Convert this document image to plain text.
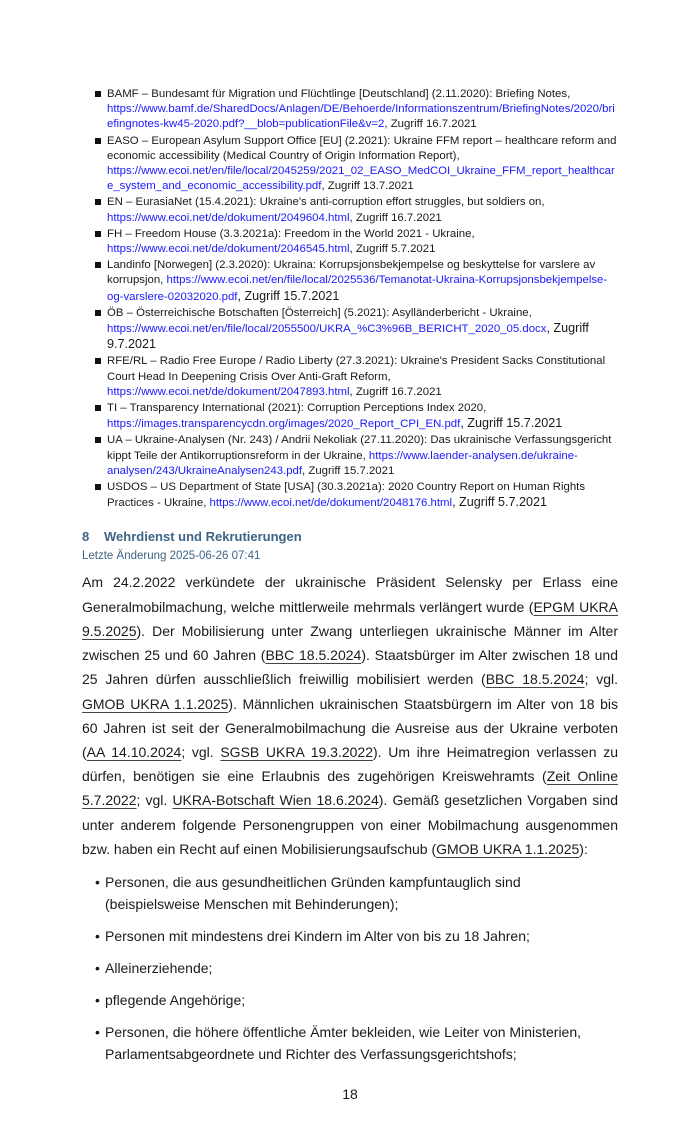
BAMF – Bundesamt für Migration und Flüchtlinge [Deutschland] (2.11.2020): Briefing Notes, https://www.bamf.de/SharedDocs/Anlagen/DE/Behoerde/Informationszentrum/BriefingNotes/2020/briefingnotes-kw45-2020.pdf?__blob=publicationFile&v=2, Zugriff 16.7.2021
EASO – European Asylum Support Office [EU] (2.2021): Ukraine FFM report – healthcare reform and economic accessibility (Medical Country of Origin Information Report), https://www.ecoi.net/en/file/local/2045259/2021_02_EASO_MedCOI_Ukraine_FFM_report_healthcare_system_and_economic_accessibility.pdf, Zugriff 13.7.2021
EN – EurasiaNet (15.4.2021): Ukraine's anti-corruption effort struggles, but soldiers on, https://www.ecoi.net/de/dokument/2049604.html, Zugriff 16.7.2021
FH – Freedom House (3.3.2021a): Freedom in the World 2021 - Ukraine, https://www.ecoi.net/de/dokument/2046545.html, Zugriff 5.7.2021
Landinfo [Norwegen] (2.3.2020): Ukraina: Korrupsjonsbekjempelse og beskyttelse for varslere av korrupsjon, https://www.ecoi.net/en/file/local/2025536/Temanotat-Ukraina-Korrupsjonsbekjempelse-og-varslere-02032020.pdf, Zugriff 15.7.2021
ÖB – Österreichische Botschaften [Österreich] (5.2021): Asylländerbericht - Ukraine, https://www.ecoi.net/en/file/local/2055500/UKRA_%C3%96B_BERICHT_2020_05.docx, Zugriff 9.7.2021
RFE/RL – Radio Free Europe / Radio Liberty (27.3.2021): Ukraine's President Sacks Constitutional Court Head In Deepening Crisis Over Anti-Graft Reform, https://www.ecoi.net/de/dokument/2047893.html, Zugriff 16.7.2021
TI – Transparency International (2021): Corruption Perceptions Index 2020, https://images.transparencycdn.org/images/2020_Report_CPI_EN.pdf, Zugriff 15.7.2021
UA – Ukraine-Analysen (Nr. 243) / Andrii Nekoliak (27.11.2020): Das ukrainische Verfassungsgericht kippt Teile der Antikorruptionsreform in der Ukraine, https://www.laender-analysen.de/ukraine-analysen/243/UkraineAnalysen243.pdf, Zugriff 15.7.2021
USDOS – US Department of State [USA] (30.3.2021a): 2020 Country Report on Human Rights Practices - Ukraine, https://www.ecoi.net/de/dokument/2048176.html, Zugriff 5.7.2021
8 Wehrdienst und Rekrutierungen
Letzte Änderung 2025-06-26 07:41

Am 24.2.2022 verkündete der ukrainische Präsident Selensky per Erlass eine Generalmobilmachung, welche mittlerweile mehrmals verlängert wurde (EPGM UKRA 9.5.2025). Der Mobilisierung unter Zwang unterliegen ukrainische Männer im Alter zwischen 25 und 60 Jahren (BBC 18.5.2024). Staatsbürger im Alter zwischen 18 und 25 Jahren dürfen ausschließlich freiwillig mobilisiert werden (BBC 18.5.2024; vgl. GMOB UKRA 1.1.2025). Männlichen ukrainischen Staatsbürgern im Alter von 18 bis 60 Jahren ist seit der Generalmobilmachung die Ausreise aus der Ukraine verboten (AA 14.10.2024; vgl. SGSB UKRA 19.3.2022). Um ihre Heimatregion verlassen zu dürfen, benötigen sie eine Erlaubnis des zugehörigen Kreiswehramts (Zeit Online 5.7.2022; vgl. UKRA-Botschaft Wien 18.6.2024). Gemäß gesetzlichen Vorgaben sind unter anderem folgende Personengruppen von einer Mobilmachung ausgenommen bzw. haben ein Recht auf einen Mobilisierungsaufschub (GMOB UKRA 1.1.2025):

• Personen, die aus gesundheitlichen Gründen kampfuntauglich sind (beispielsweise Menschen mit Behinderungen);
• Personen mit mindestens drei Kindern im Alter von bis zu 18 Jahren;
• Alleinerziehende;
• pflegende Angehörige;
• Personen, die höhere öffentliche Ämter bekleiden, wie Leiter von Ministerien, Parlamentsabgeordnete und Richter des Verfassungsgerichtshofs;
18
